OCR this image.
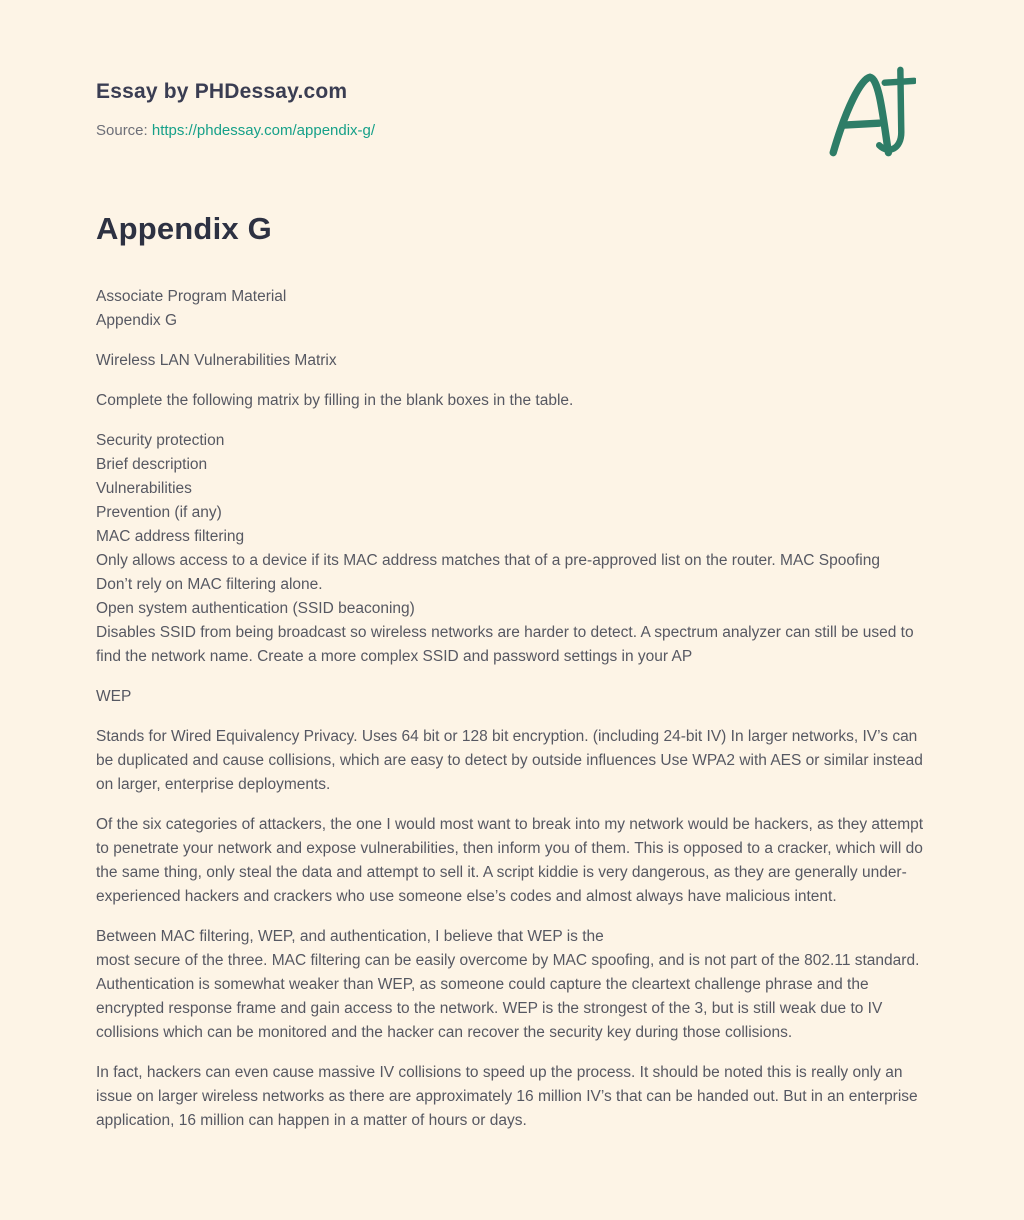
Essay by PHDessay.com
Source: https://phdessay.com/appendix-g/
Appendix G
Associate Program Material
Appendix G
Wireless LAN Vulnerabilities Matrix
Complete the following matrix by filling in the blank boxes in the table.
Security protection
Brief description
Vulnerabilities
Prevention (if any)
MAC address filtering
Only allows access to a device if its MAC address matches that of a pre-approved list on the router. MAC Spoofing
Don’t rely on MAC filtering alone.
Open system authentication (SSID beaconing)
Disables SSID from being broadcast so wireless networks are harder to detect. A spectrum analyzer can still be used to find the network name. Create a more complex SSID and password settings in your AP
WEP
Stands for Wired Equivalency Privacy. Uses 64 bit or 128 bit encryption. (including 24-bit IV) In larger networks, IV’s can be duplicated and cause collisions, which are easy to detect by outside influences Use WPA2 with AES or similar instead on larger, enterprise deployments.
Of the six categories of attackers, the one I would most want to break into my network would be hackers, as they attempt to penetrate your network and expose vulnerabilities, then inform you of them. This is opposed to a cracker, which will do the same thing, only steal the data and attempt to sell it. A script kiddie is very dangerous, as they are generally under-experienced hackers and crackers who use someone else’s codes and almost always have malicious intent.
Between MAC filtering, WEP, and authentication, I believe that WEP is the
most secure of the three. MAC filtering can be easily overcome by MAC spoofing, and is not part of the 802.11 standard. Authentication is somewhat weaker than WEP, as someone could capture the cleartext challenge phrase and the encrypted response frame and gain access to the network. WEP is the strongest of the 3, but is still weak due to IV collisions which can be monitored and the hacker can recover the security key during those collisions.
In fact, hackers can even cause massive IV collisions to speed up the process. It should be noted this is really only an issue on larger wireless networks as there are approximately 16 million IV’s that can be handed out. But in an enterprise application, 16 million can happen in a matter of hours or days.
